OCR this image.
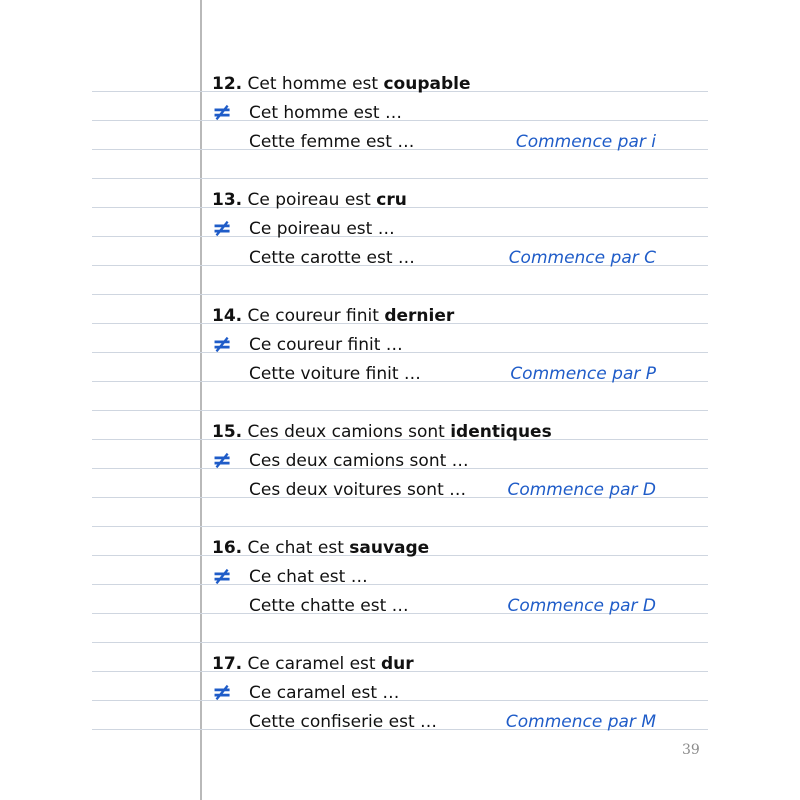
12. Cet homme est coupable
≠ Cet homme est …
Cette femme est …	Commence par i
13. Ce poireau est cru
≠ Ce poireau est …
Cette carotte est …	Commence par C
14. Ce coureur finit dernier
≠ Ce coureur finit …
Cette voiture finit …	Commence par P
15. Ces deux camions sont identiques
≠ Ces deux camions sont …
Ces deux voitures sont … Commence par D
16. Ce chat est sauvage
≠ Ce chat est …
Cette chatte est …	Commence par D
17. Ce caramel est dur
≠ Ce caramel est …
Cette confiserie est …	Commence par M
39
